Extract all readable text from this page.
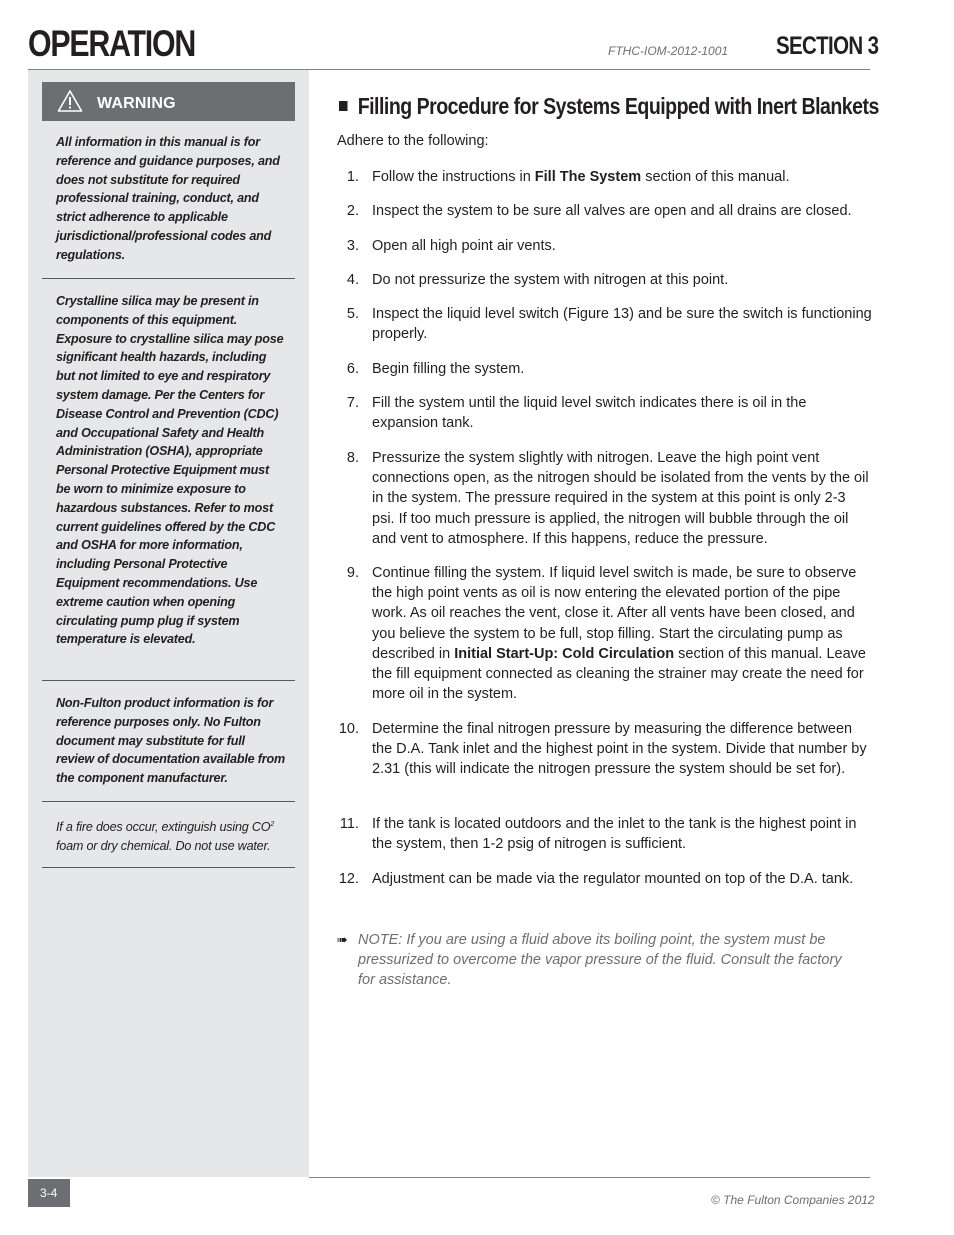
OPERATION	FTHC-IOM-2012-1001 SECTION 3
WARNING
All information in this manual is for reference and guidance purposes, and does not substitute for required professional training, conduct, and strict adherence to applicable jurisdictional/professional codes and regulations.
Crystalline silica may be present in components of this equipment. Exposure to crystalline silica may pose significant health hazards, including but not limited to eye and respiratory system damage. Per the Centers for Disease Control and Prevention (CDC) and Occupational Safety and Health Administration (OSHA), appropriate Personal Protective Equipment must be worn to minimize exposure to hazardous substances. Refer to most current guidelines offered by the CDC and OSHA for more information, including Personal Protective Equipment recommendations. Use extreme caution when opening circulating pump plug if system temperature is elevated.
Non-Fulton product information is for reference purposes only. No Fulton document may substitute for full review of documentation available from the component manufacturer.
If a fire does occur, extinguish using $CO^2$ foam or dry chemical. Do not use water.
Filling Procedure for Systems Equipped with Inert Blankets
Adhere to the following:
1. Follow the instructions in Fill The System section of this manual.
2. Inspect the system to be sure all valves are open and all drains are closed.
3. Open all high point air vents.
4. Do not pressurize the system with nitrogen at this point.
5. Inspect the liquid level switch (Figure 13) and be sure the switch is functioning properly.
6. Begin filling the system.
7. Fill the system until the liquid level switch indicates there is oil in the expansion tank.
8. Pressurize the system slightly with nitrogen. Leave the high point vent connections open, as the nitrogen should be isolated from the vents by the oil in the system. The pressure required in the system at this point is only 2-3 psi. If too much pressure is applied, the nitrogen will bubble through the oil and vent to atmosphere. If this happens, reduce the pressure.
9. Continue filling the system. If liquid level switch is made, be sure to observe the high point vents as oil is now entering the elevated portion of the pipe work. As oil reaches the vent, close it. After all vents have been closed, and you believe the system to be full, stop filling. Start the circulating pump as described in Initial Start-Up: Cold Circulation section of this manual. Leave the fill equipment connected as cleaning the strainer may create the need for more oil in the system.
10. Determine the final nitrogen pressure by measuring the difference between the D.A. Tank inlet and the highest point in the system. Divide that number by 2.31 (this will indicate the nitrogen pressure the system should be set for).
11. If the tank is located outdoors and the inlet to the tank is the highest point in the system, then 1-2 psig of nitrogen is sufficient.
12. Adjustment can be made via the regulator mounted on top of the D.A. tank.
➠ NOTE: If you are using a fluid above its boiling point, the system must be pressurized to overcome the vapor pressure of the fluid. Consult the factory for assistance.
3-4	© The Fulton Companies 2012
